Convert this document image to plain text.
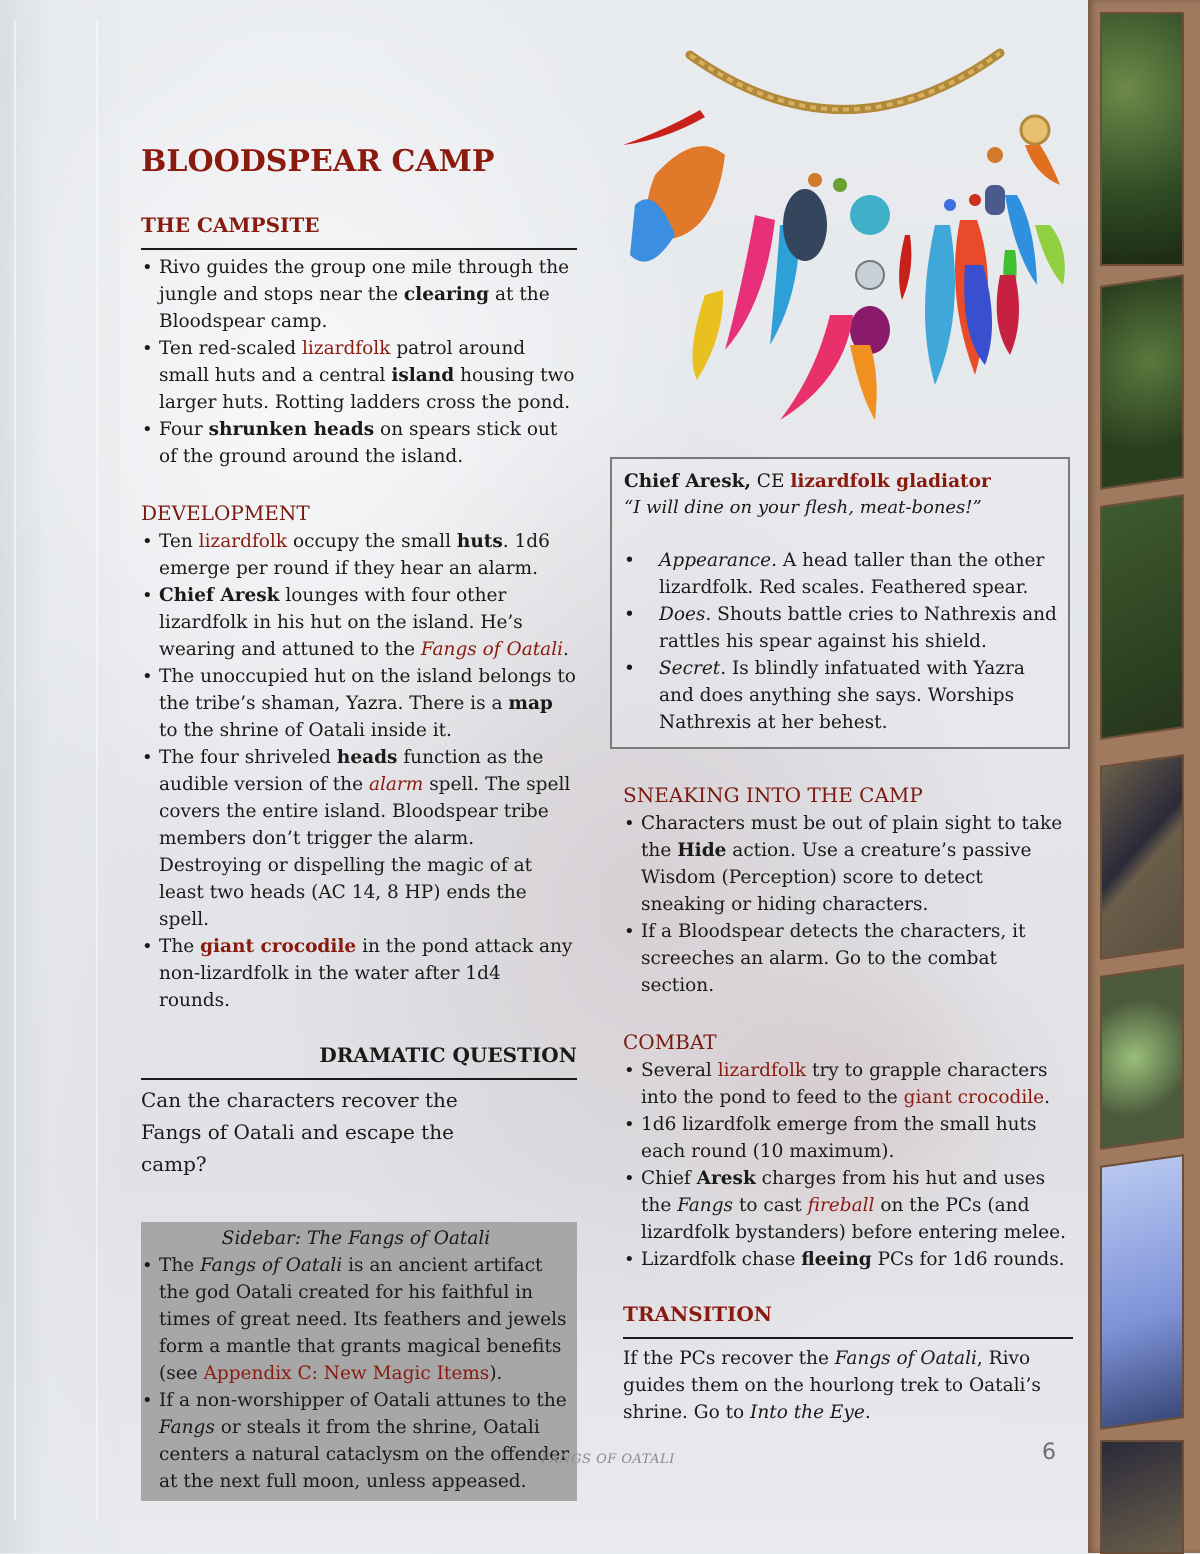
BLOODSPEAR CAMP
THE CAMPSITE
• Rivo guides the group one mile through the jungle and stops near the clearing at the Bloodspear camp.
• Ten red-scaled lizardfolk patrol around small huts and a central island housing two larger huts. Rotting ladders cross the pond.
• Four shrunken heads on spears stick out of the ground around the island.
DEVELOPMENT
• Ten lizardfolk occupy the small huts. 1d6 emerge per round if they hear an alarm.
• Chief Aresk lounges with four other lizardfolk in his hut on the island. He’s wearing and attuned to the Fangs of Oatali.
• The unoccupied hut on the island belongs to the tribe’s shaman, Yazra. There is a map to the shrine of Oatali inside it.
• The four shriveled heads function as the audible version of the alarm spell. The spell covers the entire island. Bloodspear tribe members don’t trigger the alarm. Destroying or dispelling the magic of at least two heads (AC 14, 8 HP) ends the spell.
• The giant crocodile in the pond attack any non-lizardfolk in the water after 1d4 rounds.
DRAMATIC QUESTION

Can the characters recover the Fangs of Oatali and escape the camp?

Sidebar: The Fangs of Oatali
• The Fangs of Oatali is an ancient artifact the god Oatali created for his faithful in times of great need. Its feathers and jewels form a mantle that grants magical benefits (see Appendix C: New Magic Items).
• If a non-worshipper of Oatali attunes to the Fangs or steals it from the shrine, Oatali centers a natural cataclysm on the offender at the next full moon, unless appeased.
Chief Aresk, CE lizardfolk gladiator
“I will dine on your flesh, meat-bones!”
• Appearance. A head taller than the other lizardfolk. Red scales. Feathered spear.
• Does. Shouts battle cries to Nathrexis and rattles his spear against his shield.
• Secret. Is blindly infatuated with Yazra and does anything she says. Worships Nathrexis at her behest.
SNEAKING INTO THE CAMP
• Characters must be out of plain sight to take the Hide action. Use a creature’s passive Wisdom (Perception) score to detect sneaking or hiding characters.
• If a Bloodspear detects the characters, it screeches an alarm. Go to the combat section.
COMBAT
• Several lizardfolk try to grapple characters into the pond to feed to the giant crocodile.
• 1d6 lizardfolk emerge from the small huts each round (10 maximum).
• Chief Aresk charges from his hut and uses the Fangs to cast fireball on the PCs (and lizardfolk bystanders) before entering melee.
• Lizardfolk chase fleeing PCs for 1d6 rounds.
TRANSITION

If the PCs recover the Fangs of Oatali, Rivo guides them on the hourlong trek to Oatali’s shrine. Go to Into the Eye.

FANGS OF OATALI	6
